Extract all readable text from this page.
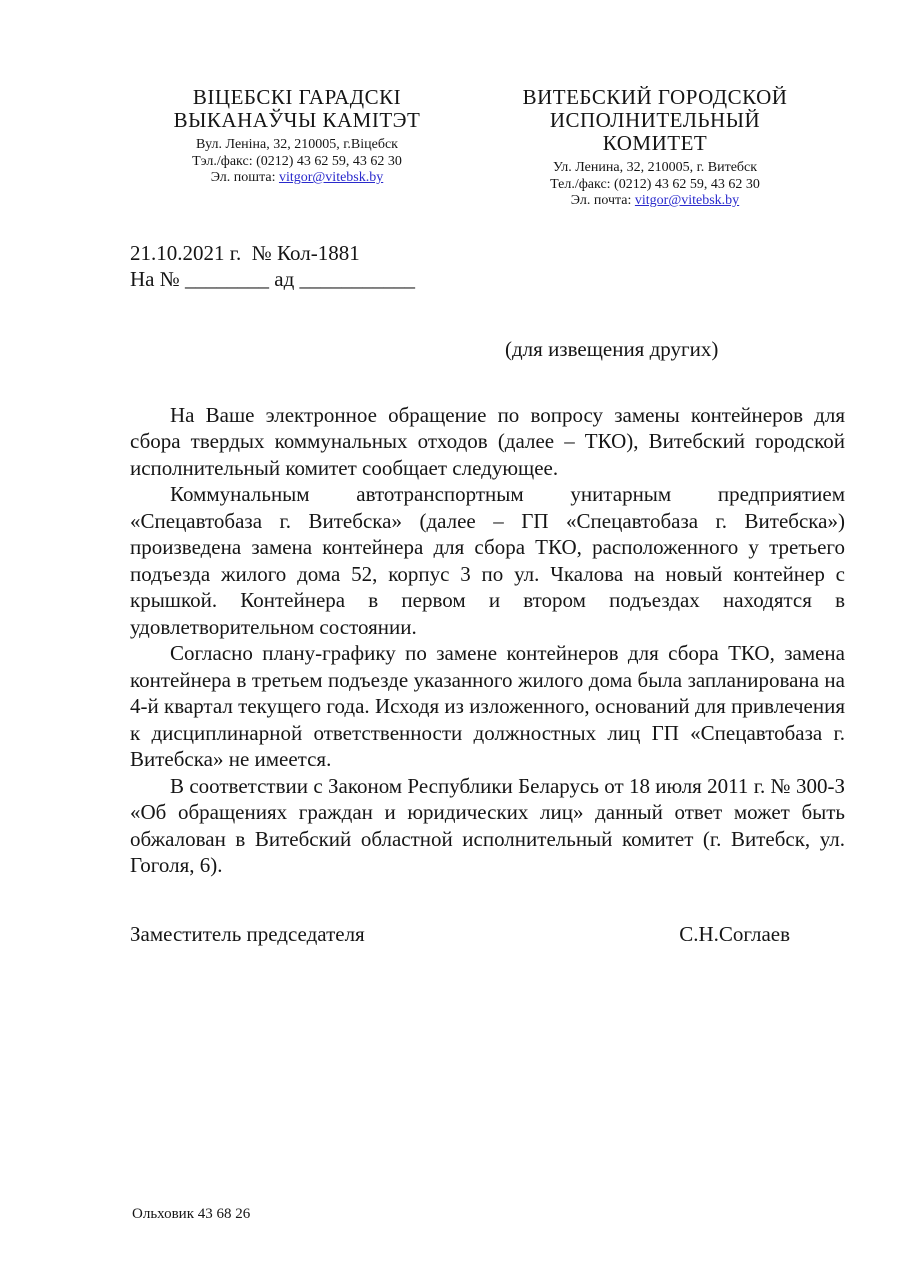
ВІЦЕБСКІ ГАРАДСКІ
ВЫКАНАЎЧЫ КАМІТЭТ
Вул. Леніна, 32, 210005, г.Віцебск
Тэл./факс: (0212) 43 62 59, 43 62 30
Эл. пошта: vitgor@vitebsk.by
ВИТЕБСКИЙ ГОРОДСКОЙ
ИСПОЛНИТЕЛЬНЫЙ КОМИТЕТ
Ул. Ленина, 32, 210005, г. Витебск
Тел./факс: (0212) 43 62 59, 43 62 30
Эл. почта: vitgor@vitebsk.by
21.10.2021 г.  № Кол-1881
На № ________ ад ___________
(для извещения других)

На Ваше электронное обращение по вопросу замены контейнеров для сбора твердых коммунальных отходов (далее – ТКО), Витебский городской исполнительный комитет сообщает следующее.

Коммунальным автотранспортным унитарным предприятием «Спецавтобаза г. Витебска» (далее – ГП «Спецавтобаза г. Витебска») произведена замена контейнера для сбора ТКО, расположенного у третьего подъезда жилого дома 52, корпус 3 по ул. Чкалова на новый контейнер с крышкой. Контейнера в первом и втором подъездах находятся в удовлетворительном состоянии.

Согласно плану-графику по замене контейнеров для сбора ТКО, замена контейнера в третьем подъезде указанного жилого дома была запланирована на 4-й квартал текущего года. Исходя из изложенного, оснований для привлечения к дисциплинарной ответственности должностных лиц ГП «Спецавтобаза г. Витебска» не имеется.

В соответствии с Законом Республики Беларусь от 18 июля 2011 г. № 300-З «Об обращениях граждан и юридических лиц» данный ответ может быть обжалован в Витебский областной исполнительный комитет (г. Витебск, ул. Гоголя, 6).

Заместитель председателя	С.Н.Соглаев
Ольховик 43 68 26
